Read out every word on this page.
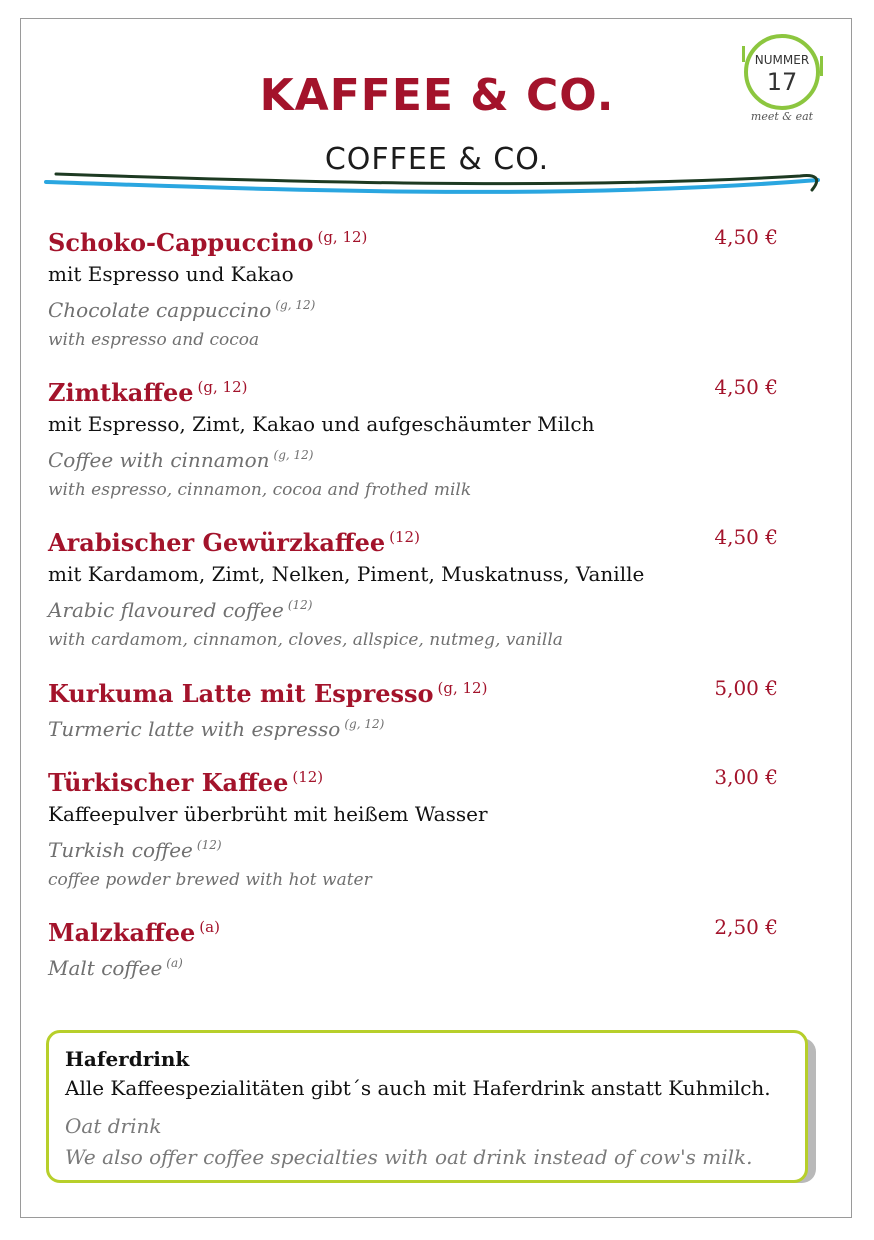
KAFFEE & CO.
COFFEE & CO.
NUMMER
17
meet & eat
Schoko-Cappuccino $^{(g, 12)}$	4,50 €
mit Espresso und Kakao
Chocolate cappuccino $^{(g, 12)}$
with espresso and cocoa
Zimtkaffee $^{(g, 12)}$	4,50 €
mit Espresso, Zimt, Kakao und aufgeschäumter Milch
Coffee with cinnamon $^{(g, 12)}$
with espresso, cinnamon, cocoa and frothed milk
Arabischer Gewürzkaffee $^{(12)}$	4,50 €
mit Kardamom, Zimt, Nelken, Piment, Muskatnuss, Vanille
Arabic flavoured coffee $^{(12)}$
with cardamom, cinnamon, cloves, allspice, nutmeg, vanilla
Kurkuma Latte mit Espresso $^{(g, 12)}$	5,00 €
Turmeric latte with espresso $^{(g, 12)}$
Türkischer Kaffee $^{(12)}$	3,00 €
Kaffeepulver überbrüht mit heißem Wasser
Turkish coffee $^{(12)}$
coffee powder brewed with hot water
Malzkaffee $^{(a)}$	2,50 €
Malt coffee $^{(a)}$
Haferdrink
Alle Kaffeespezialitäten gibt´s auch mit Haferdrink anstatt Kuhmilch.
Oat drink
We also offer coffee specialties with oat drink instead of cow's milk.
